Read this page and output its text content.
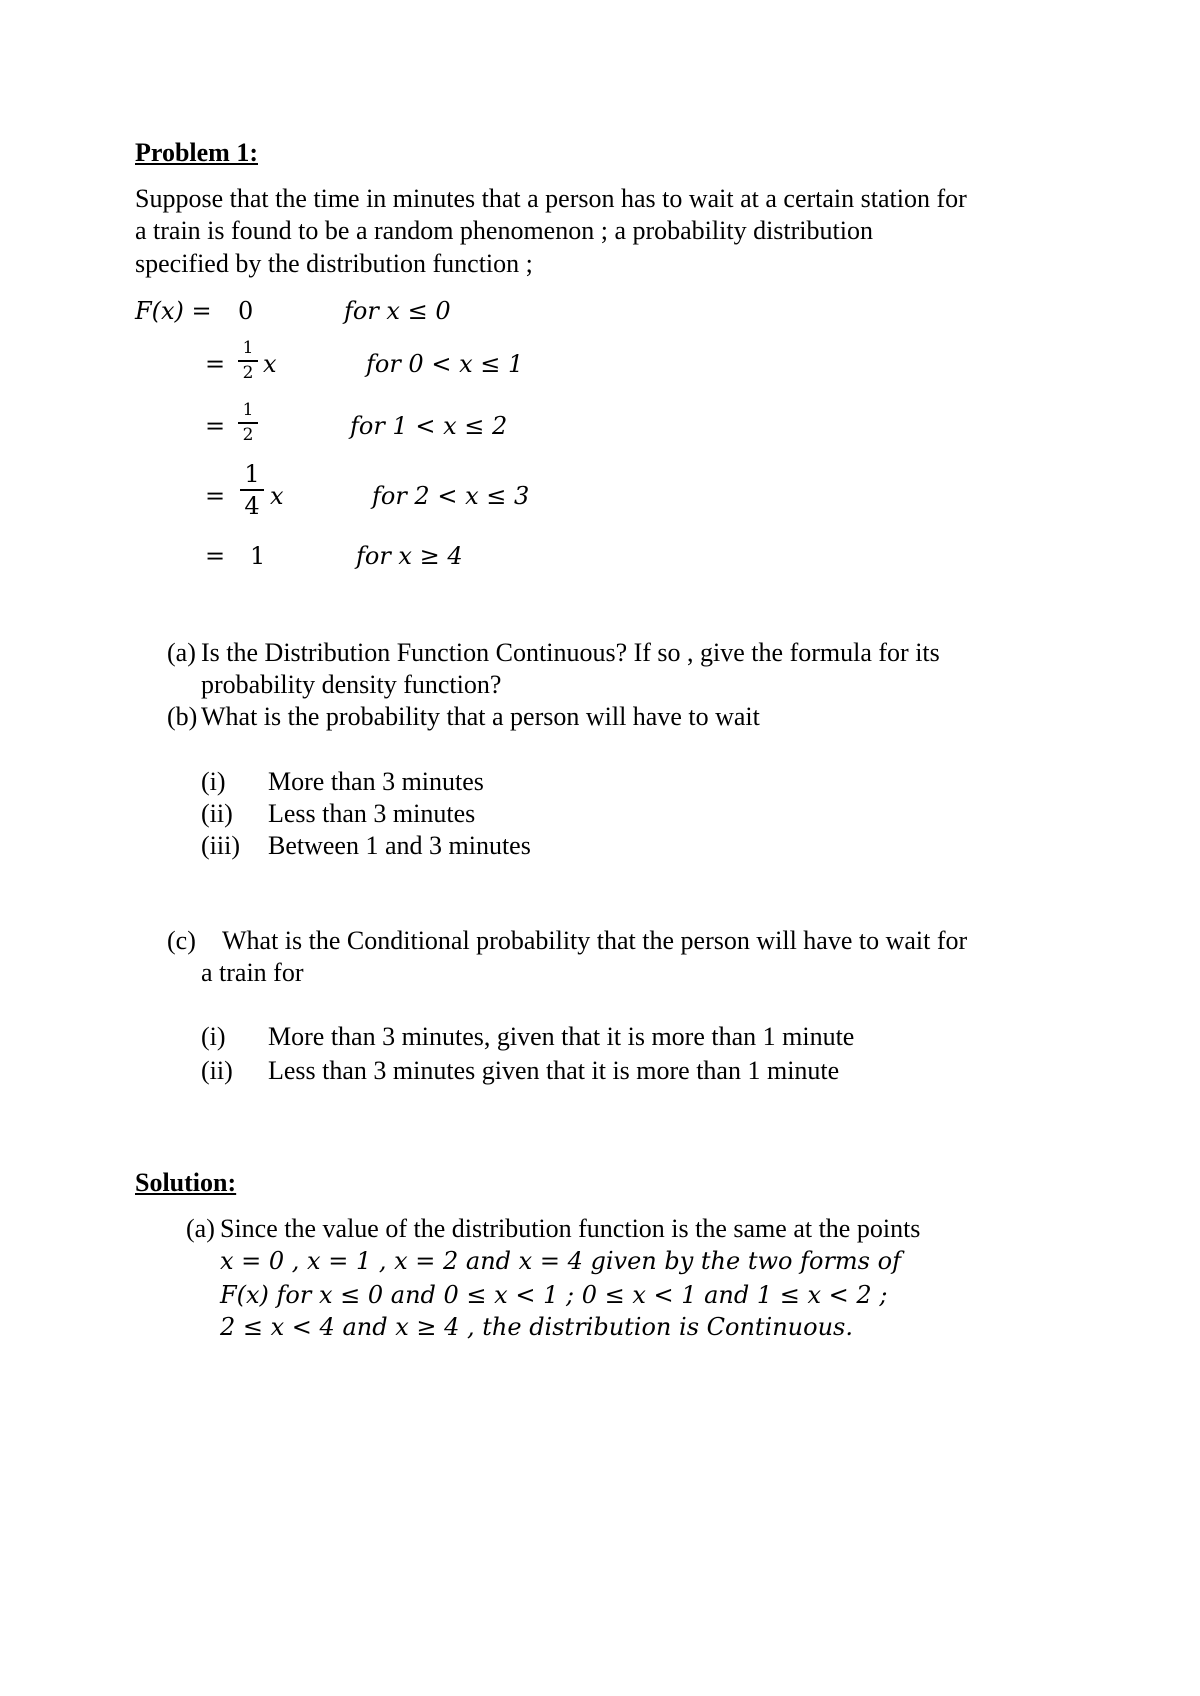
Problem 1:
Suppose that the time in minutes that a person has to wait at a certain station for
a train is found to be a random phenomenon ; a probability distribution
specified by the distribution function ;
F(x) = 0	for x ≤ 0
=
1
2 x	for 0 < x ≤ 1
=
1
2	for 1 < x ≤ 2
=
1
4 x	for 2 < x ≤ 3
= 1	for x ≥ 4
(a) Is the Distribution Function Continuous? If so , give the formula for its
probability density function?
(b) What is the probability that a person will have to wait
(i) More than 3 minutes
(ii) Less than 3 minutes
(iii) Between 1 and 3 minutes
(c) What is the Conditional probability that the person will have to wait for
a train for
(i) More than 3 minutes, given that it is more than 1 minute
(ii) Less than 3 minutes given that it is more than 1 minute
Solution:
(a) Since the value of the distribution function is the same at the points
x = 0 , x = 1 , x = 2 and x = 4 given by the two forms of
F(x) for x ≤ 0 and 0 ≤ x < 1 ; 0 ≤ x < 1 and 1 ≤ x < 2 ;
2 ≤ x < 4 and x ≥ 4 , the distribution is Continuous.
